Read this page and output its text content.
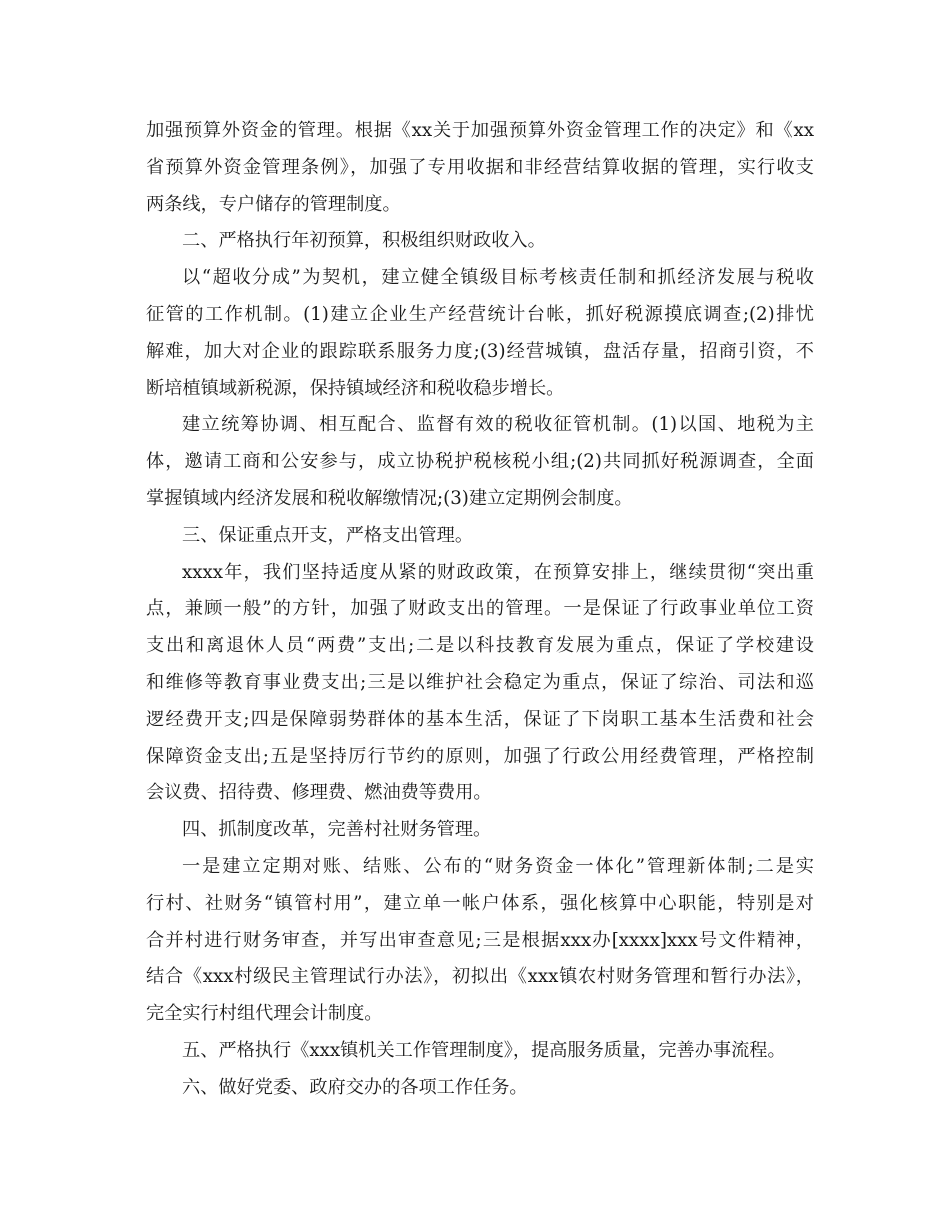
加强预算外资金的管理。根据《xx关于加强预算外资金管理工作的决定》和《xx
省预算外资金管理条例》，加强了专用收据和非经营结算收据的管理，实行收支
两条线，专户储存的管理制度。

二、严格执行年初预算，积极组织财政收入。

以“超收分成”为契机，建立健全镇级目标考核责任制和抓经济发展与税收
征管的工作机制。(1)建立企业生产经营统计台帐，抓好税源摸底调查;(2)排忧
解难，加大对企业的跟踪联系服务力度;(3)经营城镇，盘活存量，招商引资，不
断培植镇域新税源，保持镇域经济和税收稳步增长。

建立统筹协调、相互配合、监督有效的税收征管机制。(1)以国、地税为主
体，邀请工商和公安参与，成立协税护税核税小组;(2)共同抓好税源调查，全面
掌握镇域内经济发展和税收解缴情况;(3)建立定期例会制度。

三、保证重点开支，严格支出管理。

xxxx年，我们坚持适度从紧的财政政策，在预算安排上，继续贯彻“突出重
点，兼顾一般”的方针，加强了财政支出的管理。一是保证了行政事业单位工资
支出和离退休人员“两费”支出;二是以科技教育发展为重点，保证了学校建设
和维修等教育事业费支出;三是以维护社会稳定为重点，保证了综治、司法和巡
逻经费开支;四是保障弱势群体的基本生活，保证了下岗职工基本生活费和社会
保障资金支出;五是坚持厉行节约的原则，加强了行政公用经费管理，严格控制
会议费、招待费、修理费、燃油费等费用。

四、抓制度改革，完善村社财务管理。

一是建立定期对账、结账、公布的“财务资金一体化”管理新体制;二是实
行村、社财务“镇管村用”，建立单一帐户体系，强化核算中心职能，特别是对
合并村进行财务审查，并写出审查意见;三是根据xxx办[xxxx]xxx号文件精神，
结合《xxx村级民主管理试行办法》，初拟出《xxx镇农村财务管理和暂行办法》，
完全实行村组代理会计制度。

五、严格执行《xxx镇机关工作管理制度》，提高服务质量，完善办事流程。

六、做好党委、政府交办的各项工作任务。
